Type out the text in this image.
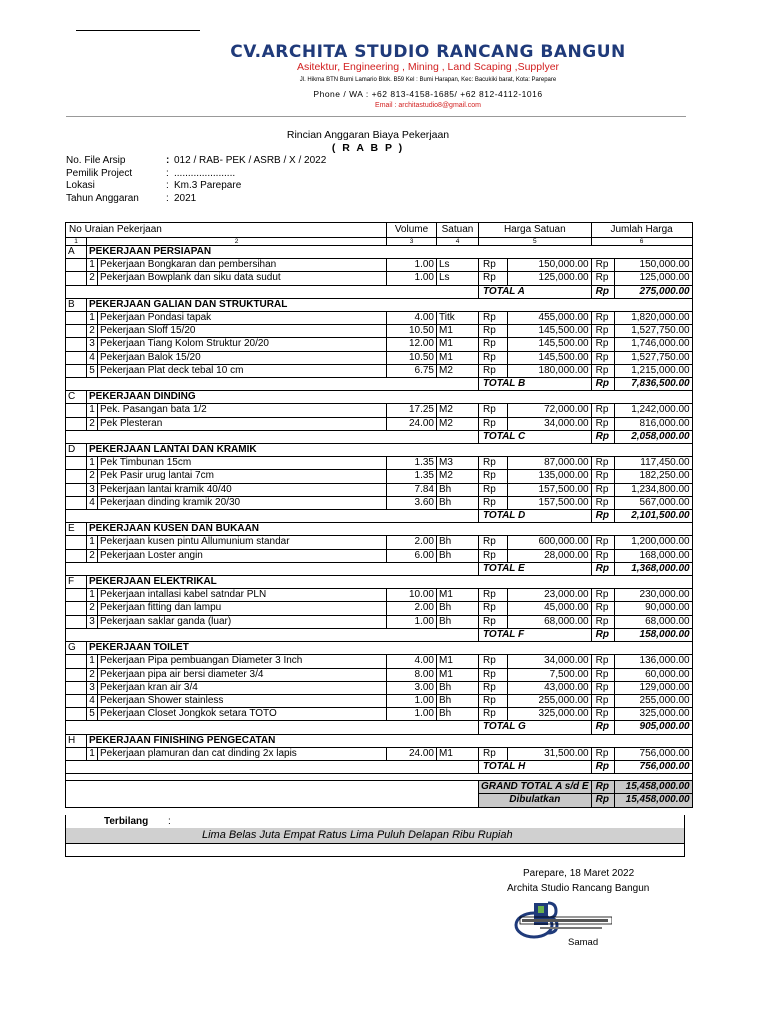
CV.ARCHITA STUDIO RANCANG BANGUN
Asitektur, Engineering , Mining , Land Scaping ,Supplyer
Jl. Hikma BTN Bumi Lamario Blok. B59 Kel : Bumi Harapan, Kec: Bacukiki barat, Kota: Parepare
Phone / WA : +62 813-4158-1685/ +62 812-4112-1016
Email : architastudio8@gmail.com
Rincian Anggaran Biaya Pekerjaan
( R A B P )
No. File Arsip	:	012 / RAB- PEK / ASRB / X / 2022
Pemilik Project	:	......................
Lokasi	:	Km.3 Parepare
Tahun Anggaran	:	2021
No Uraian Pekerjaan			Volume	Satuan	Harga Satuan		Jumlah Harga	
1	2		3	4	5		6	
A	PEKERJAAN PERSIAPAN							
	1	Pekerjaan Bongkaran dan pembersihan	1.00	Ls	Rp	150,000.00	Rp	150,000.00
	2	Pekerjaan Bowplank dan siku data sudut	1.00	Ls	Rp	125,000.00	Rp	125,000.00
					TOTAL A		Rp	275,000.00
B	PEKERJAAN GALIAN DAN STRUKTURAL							
	1	Pekerjaan Pondasi tapak	4.00	Titk	Rp	455,000.00	Rp	1,820,000.00
	2	Pekerjaan Sloff 15/20	10.50	M1	Rp	145,500.00	Rp	1,527,750.00
	3	Pekerjaan Tiang Kolom Struktur 20/20	12.00	M1	Rp	145,500.00	Rp	1,746,000.00
	4	Pekerjaan Balok 15/20	10.50	M1	Rp	145,500.00	Rp	1,527,750.00
	5	Pekerjaan Plat deck tebal 10 cm	6.75	M2	Rp	180,000.00	Rp	1,215,000.00
					TOTAL B		Rp	7,836,500.00
C	PEKERJAAN DINDING							
	1	Pek. Pasangan bata 1/2	17.25	M2	Rp	72,000.00	Rp	1,242,000.00
	2	Pek Plesteran	24.00	M2	Rp	34,000.00	Rp	816,000.00
					TOTAL C		Rp	2,058,000.00
D	PEKERJAAN LANTAI DAN KRAMIK							
	1	Pek Timbunan 15cm	1.35	M3	Rp	87,000.00	Rp	117,450.00
	2	Pek Pasir urug lantai 7cm	1.35	M2	Rp	135,000.00	Rp	182,250.00
	3	Pekerjaan lantai kramik 40/40	7.84	Bh	Rp	157,500.00	Rp	1,234,800.00
	4	Pekerjaan dinding kramik 20/30	3.60	Bh	Rp	157,500.00	Rp	567,000.00
					TOTAL D		Rp	2,101,500.00
E	PEKERJAAN KUSEN DAN BUKAAN							
	1	Pekerjaan kusen pintu Allumunium standar	2.00	Bh	Rp	600,000.00	Rp	1,200,000.00
	2	Pekerjaan Loster angin	6.00	Bh	Rp	28,000.00	Rp	168,000.00
					TOTAL E		Rp	1,368,000.00
F	PEKERJAAN ELEKTRIKAL							
	1	Pekerjaan intallasi kabel satndar PLN	10.00	M1	Rp	23,000.00	Rp	230,000.00
	2	Pekerjaan fitting dan lampu	2.00	Bh	Rp	45,000.00	Rp	90,000.00
	3	Pekerjaan saklar ganda (luar)	1.00	Bh	Rp	68,000.00	Rp	68,000.00
					TOTAL F		Rp	158,000.00
G	PEKERJAAN TOILET							
	1	Pekerjaan Pipa pembuangan Diameter 3 Inch	4.00	M1	Rp	34,000.00	Rp	136,000.00
	2	Pekerjaan pipa air bersi diameter 3/4	8.00	M1	Rp	7,500.00	Rp	60,000.00
	3	Pekerjaan kran air 3/4	3.00	Bh	Rp	43,000.00	Rp	129,000.00
	4	Pekerjaan Shower stainless	1.00	Bh	Rp	255,000.00	Rp	255,000.00
	5	Pekerjaan Closet Jongkok setara TOTO	1.00	Bh	Rp	325,000.00	Rp	325,000.00
					TOTAL G		Rp	905,000.00
H	PEKERJAAN FINISHING PENGECATAN							
	1	Pekerjaan plamuran dan cat dinding 2x lapis	24.00	M1	Rp	31,500.00	Rp	756,000.00
					TOTAL H		Rp	756,000.00

					GRAND TOTAL A s/d E		Rp	15,458,000.00
					Dibulatkan		Rp	15,458,000.00
Terbilang :
Lima Belas Juta Empat Ratus Lima Puluh Delapan Ribu Rupiah
Parepare, 18 Maret 2022
Archita Studio Rancang Bangun
Samad
